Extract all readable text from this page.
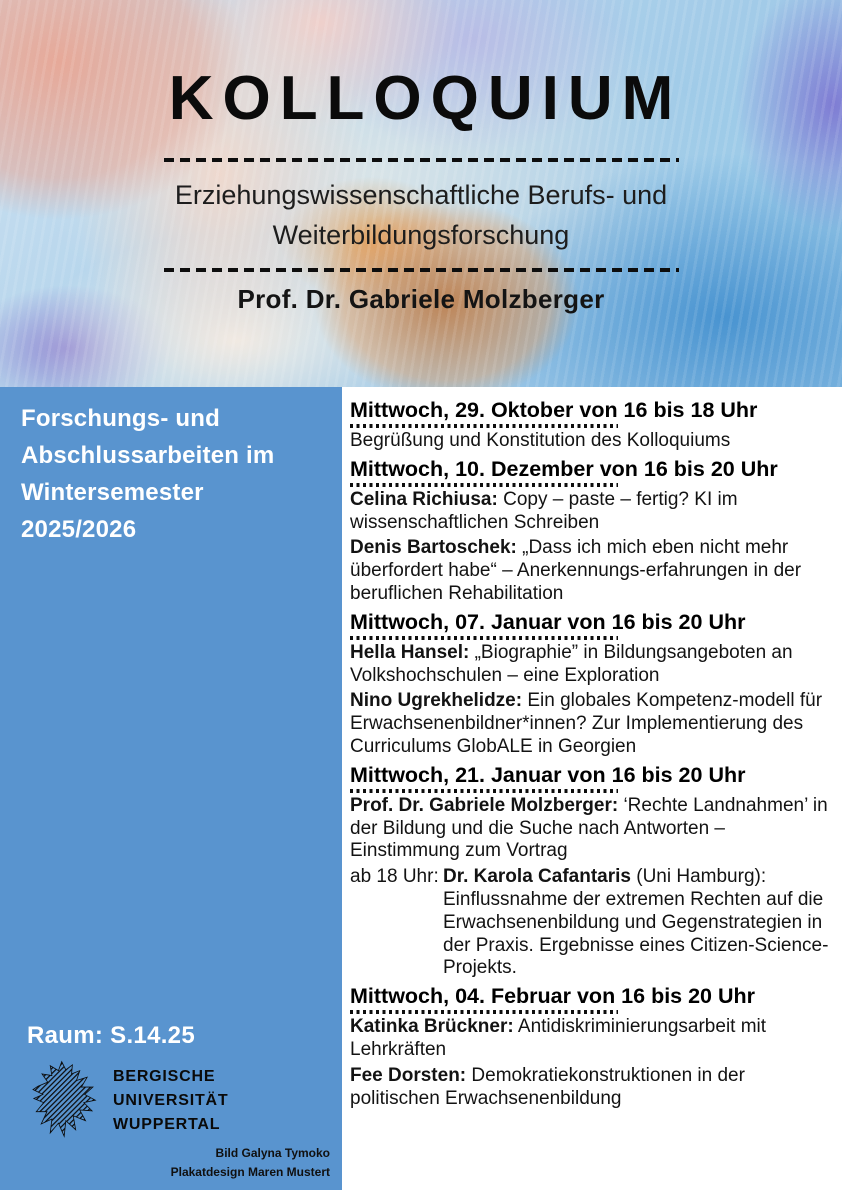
KOLLOQUIUM

Erziehungswissenschaftliche Berufs- und
Weiterbildungsforschung

Prof. Dr. Gabriele Molzberger

Forschungs- und
Abschlussarbeiten im
Wintersemester
2025/2026
Raum: S.14.25
BERGISCHE
UNIVERSITÄT
WUPPERTAL
Bild Galyna Tymoko
Plakatdesign Maren Mustert
Mittwoch, 29. Oktober von 16 bis 18 Uhr

Begrüßung und Konstitution des Kolloquiums

Mittwoch, 10. Dezember von 16 bis 20 Uhr

Celina Richiusa: Copy – paste – fertig? KI im wissenschaftlichen Schreiben

Denis Bartoschek: „Dass ich mich eben nicht mehr überfordert habe“ – Anerkennungs-erfahrungen in der beruflichen Rehabilitation

Mittwoch, 07. Januar von 16 bis 20 Uhr

Hella Hansel: „Biographie” in Bildungsangeboten an Volkshochschulen – eine Exploration

Nino Ugrekhelidze: Ein globales Kompetenz-modell für Erwachsenenbildner*innen? Zur Implementierung des Curriculums GlobALE in Georgien

Mittwoch, 21. Januar von 16 bis 20 Uhr

Prof. Dr. Gabriele Molzberger: ‘Rechte Landnahmen’ in der Bildung und die Suche nach Antworten – Einstimmung zum Vortrag

ab 18 Uhr: Dr. Karola Cafantaris (Uni Hamburg): Einflussnahme der extremen Rechten auf die Erwachsenenbildung und Gegenstrategien in der Praxis. Ergebnisse eines Citizen-Science-Projekts.

Mittwoch, 04. Februar von 16 bis 20 Uhr

Katinka Brückner: Antidiskriminierungsarbeit mit Lehrkräften

Fee Dorsten: Demokratiekonstruktionen in der politischen Erwachsenenbildung
